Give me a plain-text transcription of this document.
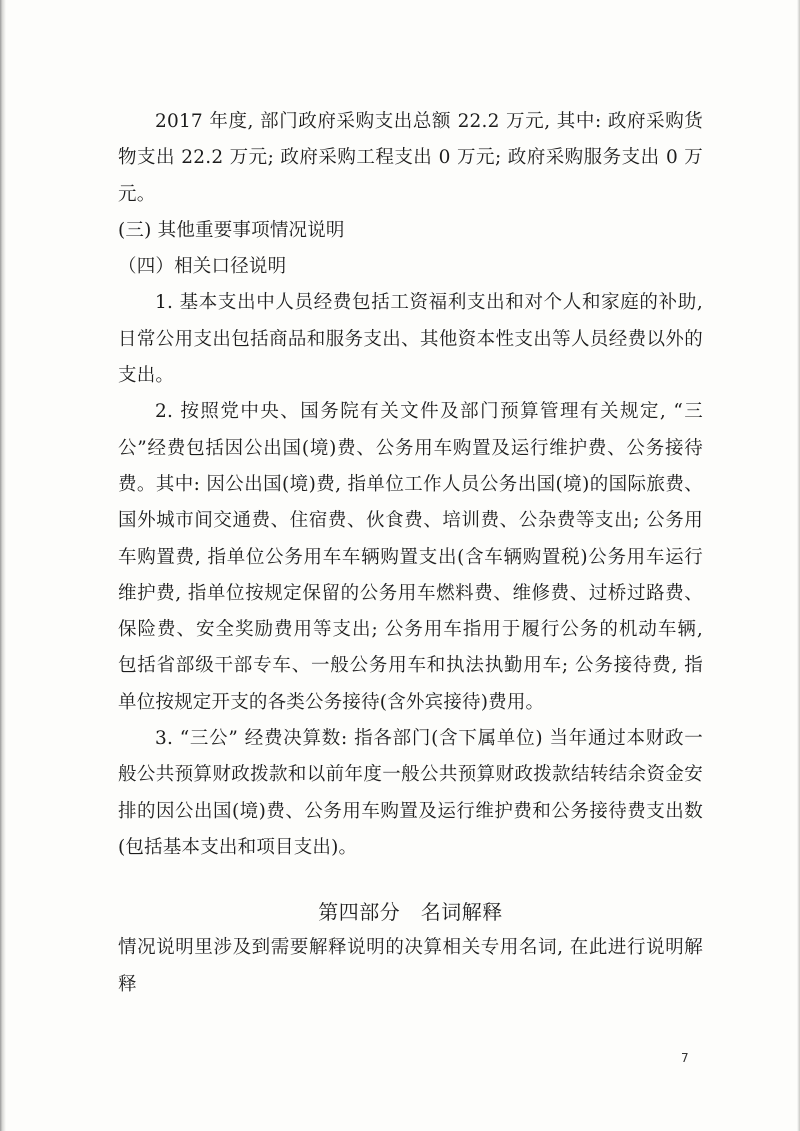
2017 年度, 部门政府采购支出总额 22.2 万元, 其中: 政府采购货物支出 22.2 万元; 政府采购工程支出 0 万元; 政府采购服务支出 0 万元。

(三) 其他重要事项情况说明

（四）相关口径说明

1. 基本支出中人员经费包括工资福利支出和对个人和家庭的补助, 日常公用支出包括商品和服务支出、其他资本性支出等人员经费以外的支出。

2. 按照党中央、国务院有关文件及部门预算管理有关规定, “三公”经费包括因公出国(境)费、公务用车购置及运行维护费、公务接待费。其中: 因公出国(境)费, 指单位工作人员公务出国(境)的国际旅费、国外城市间交通费、住宿费、伙食费、培训费、公杂费等支出; 公务用车购置费, 指单位公务用车车辆购置支出(含车辆购置税)公务用车运行维护费, 指单位按规定保留的公务用车燃料费、维修费、过桥过路费、保险费、安全奖励费用等支出; 公务用车指用于履行公务的机动车辆, 包括省部级干部专车、一般公务用车和执法执勤用车; 公务接待费, 指单位按规定开支的各类公务接待(含外宾接待)费用。

3. “三公” 经费决算数: 指各部门(含下属单位) 当年通过本财政一般公共预算财政拨款和以前年度一般公共预算财政拨款结转结余资金安排的因公出国(境)费、公务用车购置及运行维护费和公务接待费支出数(包括基本支出和项目支出)。

第四部分　名词解释

情况说明里涉及到需要解释说明的决算相关专用名词, 在此进行说明解释

7
